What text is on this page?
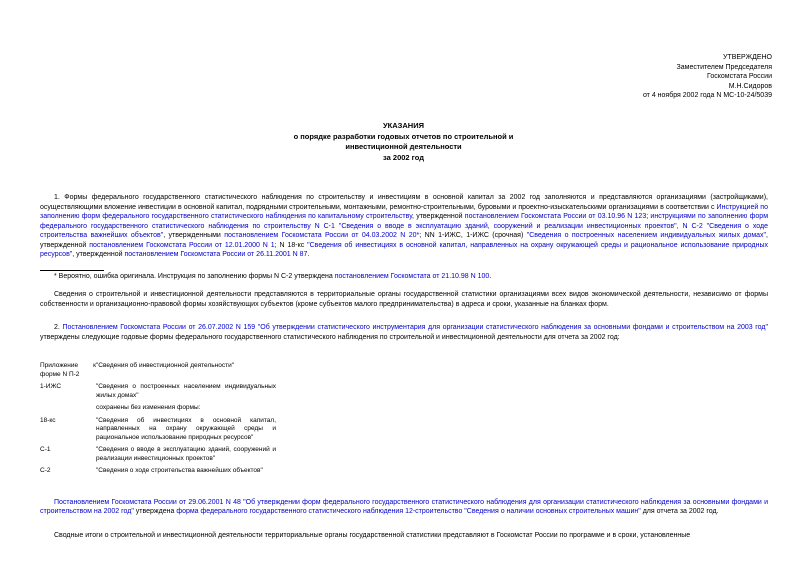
УТВЕРЖДЕНО
Заместителем Председателя
Госкомстата России
М.Н.Сидоров
от 4 ноября 2002 года N МС-10-24/5039
УКАЗАНИЯ
о порядке разработки годовых отчетов по строительной и
инвестиционной деятельности
за 2002 год

1. Формы федерального государственного статистического наблюдения по строительству и инвестициям в основной капитал за 2002 год заполняются и представляются организациями (застройщиками), осуществляющими вложение инвестиции в основной капитал, подрядными строительными, монтажными, ремонтно-строительными, буровыми и проектно-изыскательскими организациями в соответствии с Инструкцией по заполнению форм федерального государственного статистического наблюдения по капитальному строительству, утвержденной постановлением Госкомстата России от 03.10.96 N 123; инструкциями по заполнению форм федерального государственного статистического наблюдения по строительству N С-1 "Сведения о вводе в эксплуатацию зданий, сооружений и реализации инвестиционных проектов", N С-2 "Сведения о ходе строительства важнейших объектов", утвержденными постановлением Госкомстата России от 04.03.2002 N 20*; NN 1-ИЖС, 1-ИЖС (срочная) "Сведения о построенных населением индивидуальных жилых домах", утвержденной постановлением Госкомстата России от 12.01.2000 N 1; N 18-кс "Сведения об инвестициях в основной капитал, направленных на охрану окружающей среды и рациональное использование природных ресурсов", утвержденной постановлением Госкомстата России от 26.11.2001 N 87.

* Вероятно, ошибка оригинала. Инструкция по заполнению формы N С-2 утверждена постановлением Госкомстата от 21.10.98 N 100.

Сведения о строительной и инвестиционной деятельности представляются в территориальные органы государственной статистики организациями всех видов экономической деятельности, независимо от формы собственности и организационно-правовой формы хозяйствующих субъектов (кроме субъектов малого предпринимательства) в адреса и сроки, указанные на бланках форм.

2. Постановлением Госкомстата России от 26.07.2002 N 159 "Об утверждении статистического инструментария для организации статистического наблюдения за основными фондами и строительством на 2003 год" утверждены следующие годовые формы федерального государственного статистического наблюдения по строительной и инвестиционной деятельности для отчета за 2002 год:

Приложение к форме N П-2	"Сведения об инвестиционной деятельности"
1-ИЖС	"Сведения о построенных населением индивидуальных жилых домах"
	сохранены без изменения формы:
18-кс	"Сведения об инвестициях в основной капитал, направленных на охрану окружающей среды и рациональное использование природных ресурсов"
С-1	"Сведения о вводе в эксплуатацию зданий, сооружений и реализации инвестиционных проектов"
С-2	"Сведения о ходе строительства важнейших объектов"

Постановлением Госкомстата России от 29.06.2001 N 48 "Об утверждении форм федерального государственного статистического наблюдения для организации статистического наблюдения за основными фондами и строительством на 2002 год" утверждена форма федерального государственного статистического наблюдения 12-строительство "Сведения о наличии основных строительных машин" для отчета за 2002 год.

Сводные итоги о строительной и инвестиционной деятельности территориальные органы государственной статистики представляют в Госкомстат России по программе и в сроки, установленные
